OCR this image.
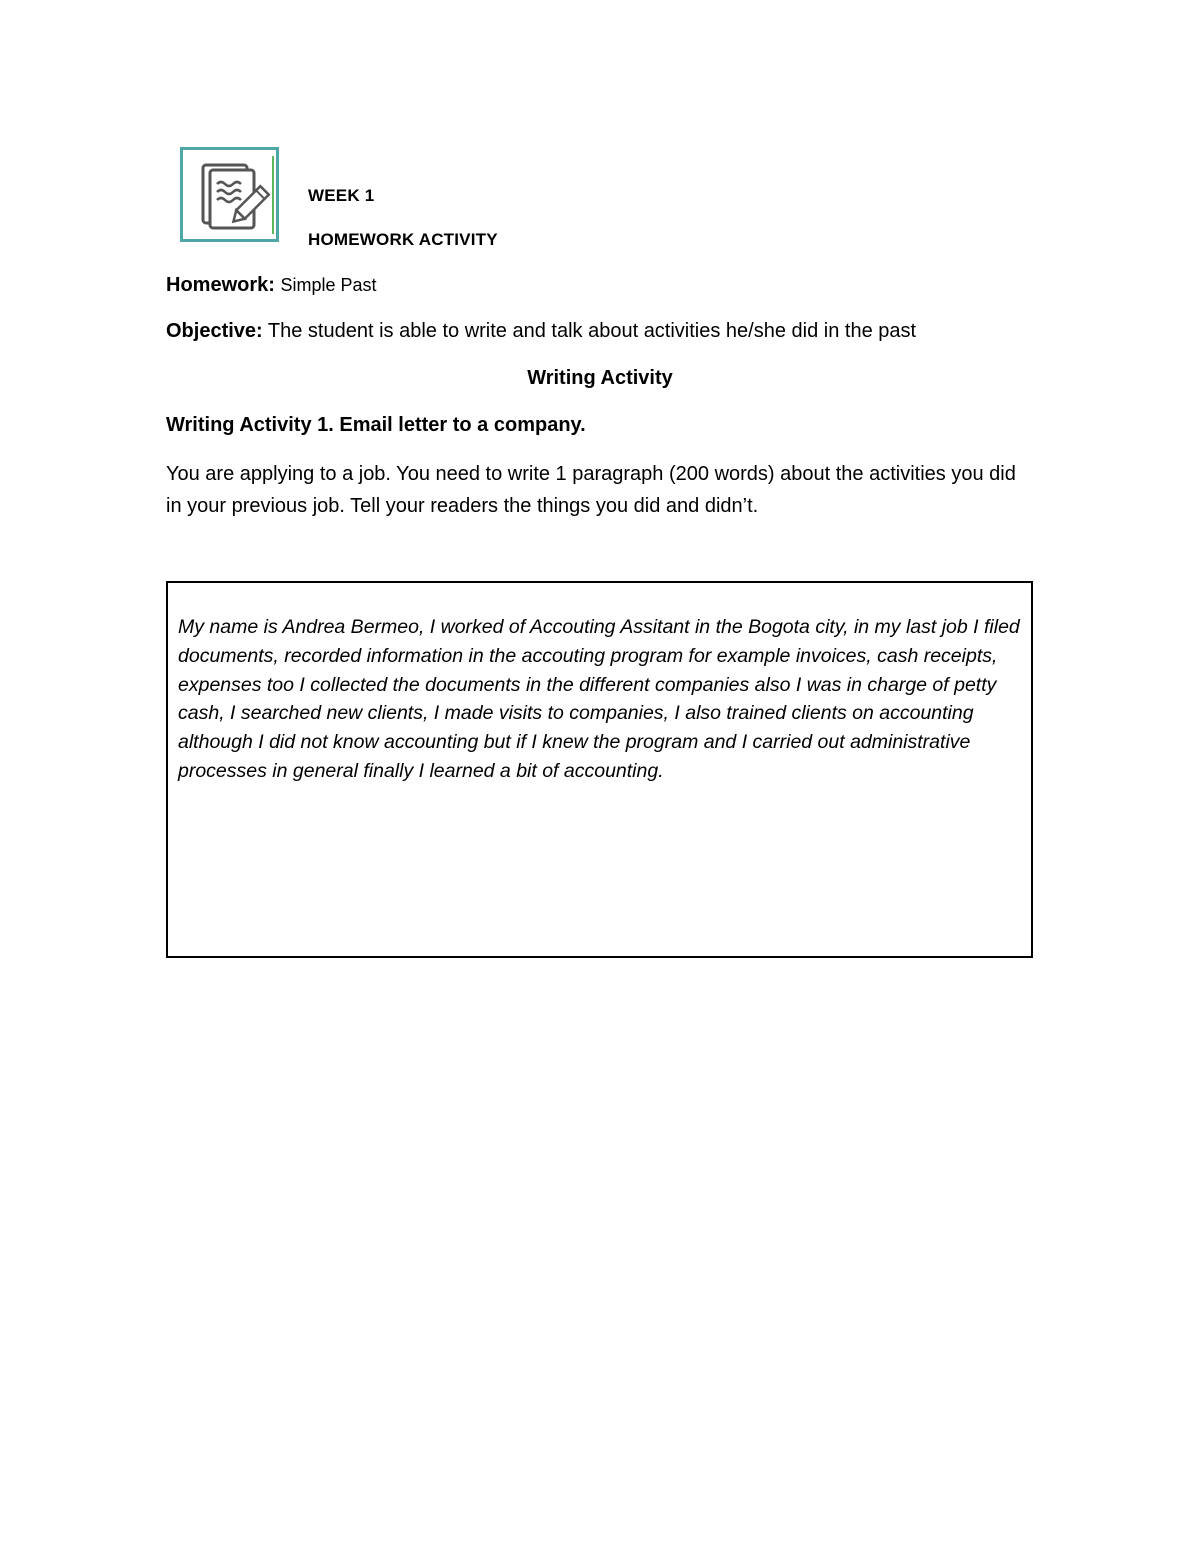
WEEK 1
HOMEWORK ACTIVITY
Homework: Simple Past
Objective: The student is able to write and talk about activities he/she did in the past
Writing Activity
Writing Activity 1. Email letter to a company.
You are applying to a job. You need to write 1 paragraph (200 words) about the activities you did in your previous job. Tell your readers the things you did and didn’t.
My name is Andrea Bermeo, I worked of Accouting Assitant in the Bogota city, in my last job I filed documents, recorded information in the accouting program for example invoices, cash receipts, expenses too I collected the documents in the different companies also I was in charge of petty cash, I searched new clients, I made visits to companies, I also trained clients on accounting although I did not know accounting but if I knew the program and I carried out administrative processes in general finally I learned a bit of accounting.
